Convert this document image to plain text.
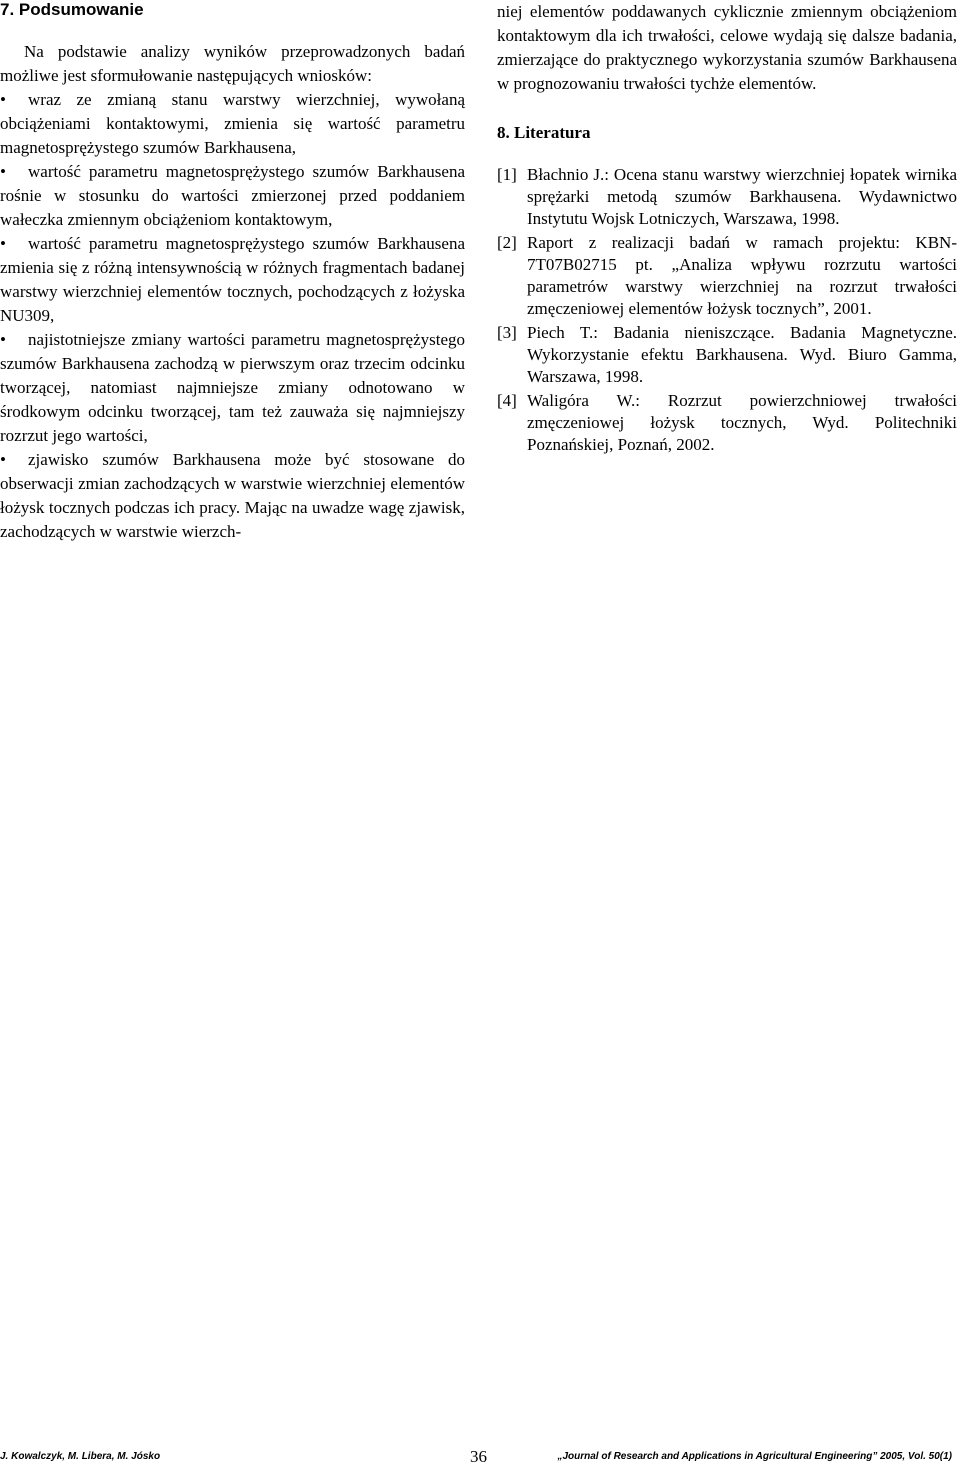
7. Podsumowanie

Na podstawie analizy wyników przeprowadzonych badań możliwe jest sformułowanie następujących wniosków:

• wraz ze zmianą stanu warstwy wierzchniej, wywołaną obciążeniami kontaktowymi, zmienia się wartość parametru magnetosprężystego szumów Barkhausena,

• wartość parametru magnetosprężystego szumów Barkhausena rośnie w stosunku do wartości zmierzonej przed poddaniem wałeczka zmiennym obciążeniom kontaktowym,

• wartość parametru magnetosprężystego szumów Barkhausena zmienia się z różną intensywnością w różnych fragmentach badanej warstwy wierzchniej elementów tocznych, pochodzących z łożyska NU309,

• najistotniejsze zmiany wartości parametru magnetosprężystego szumów Barkhausena zachodzą w pierwszym oraz trzecim odcinku tworzącej, natomiast najmniejsze zmiany odnotowano w środkowym odcinku tworzącej, tam też zauważa się najmniejszy rozrzut jego wartości,

• zjawisko szumów Barkhausena może być stosowane do obserwacji zmian zachodzących w warstwie wierzchniej elementów łożysk tocznych podczas ich pracy. Mając na uwadze wagę zjawisk, zachodzących w warstwie wierzch-

niej elementów poddawanych cyklicznie zmiennym obciążeniom kontaktowym dla ich trwałości, celowe wydają się dalsze badania, zmierzające do praktycznego wykorzystania szumów Barkhausena w prognozowaniu trwałości tychże elementów.

8. Literatura

[1] Błachnio J.: Ocena stanu warstwy wierzchniej łopatek wirnika sprężarki metodą szumów Barkhausena. Wydawnictwo Instytutu Wojsk Lotniczych, Warszawa, 1998.

[2] Raport z realizacji badań w ramach projektu: KBN-7T07B02715 pt. „Analiza wpływu rozrzutu wartości parametrów warstwy wierzchniej na rozrzut trwałości zmęczeniowej elementów łożysk tocznych”, 2001.

[3] Piech T.: Badania nieniszczące. Badania Magnetyczne. Wykorzystanie efektu Barkhausena. Wyd. Biuro Gamma, Warszawa, 1998.

[4] Waligóra W.: Rozrzut powierzchniowej trwałości zmęczeniowej łożysk tocznych, Wyd. Politechniki Poznańskiej, Poznań, 2002.

J. Kowalczyk, M. Libera, M. Jósko	36	„Journal of Research and Applications in Agricultural Engineering” 2005, Vol. 50(1)
